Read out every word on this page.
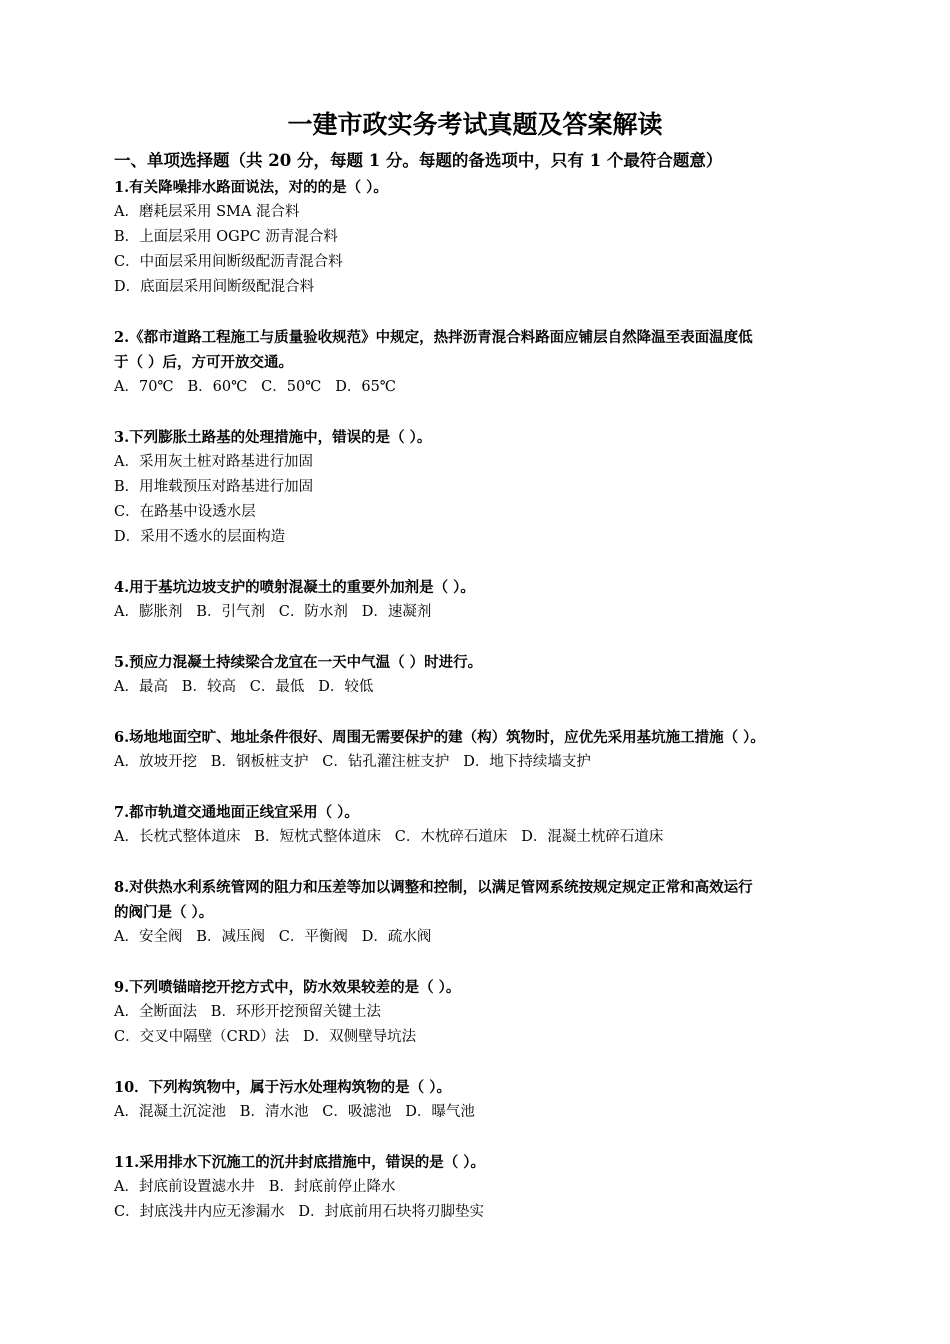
一建市政实务考试真题及答案解读

一、单项选择题（共 20 分，每题 1 分。每题的备选项中，只有 1 个最符合题意）

1.有关降噪排水路面说法，对的的是（ ）。

A．磨耗层采用 SMA 混合料

B．上面层采用 OGPC 沥青混合料

C．中面层采用间断级配沥青混合料

D．底面层采用间断级配混合料

2.《都市道路工程施工与质量验收规范》中规定，热拌沥青混合料路面应铺层自然降温至表面温度低

于（ ）后，方可开放交通。

A．70℃   B．60℃   C．50℃   D．65℃

3.下列膨胀土路基的处理措施中，错误的是（ ）。

A．采用灰土桩对路基进行加固

B．用堆载预压对路基进行加固

C．在路基中设透水层

D．采用不透水的层面构造

4.用于基坑边坡支护的喷射混凝土的重要外加剂是（ ）。

A．膨胀剂   B．引气剂   C．防水剂   D．速凝剂

5.预应力混凝土持续梁合龙宜在一天中气温（ ）时进行。

A．最高   B．较高   C．最低   D．较低

6.场地地面空旷、地址条件很好、周围无需要保护的建（构）筑物时，应优先采用基坑施工措施（ ）。

A．放坡开挖   B．钢板桩支护   C．钻孔灌注桩支护   D．地下持续墙支护

7.都市轨道交通地面正线宜采用（ ）。

A．长枕式整体道床   B．短枕式整体道床   C．木枕碎石道床   D．混凝土枕碎石道床

8.对供热水利系统管网的阻力和压差等加以调整和控制，以满足管网系统按规定规定正常和高效运行

的阀门是（ ）。

A．安全阀   B．减压阀   C．平衡阀   D．疏水阀

9.下列喷锚暗挖开挖方式中，防水效果较差的是（ ）。

A．全断面法   B．环形开挖预留关键土法

C．交叉中隔壁（CRD）法   D．双侧壁导坑法

10．下列构筑物中，属于污水处理构筑物的是（ ）。

A．混凝土沉淀池   B．清水池   C．吸滤池   D．曝气池

11.采用排水下沉施工的沉井封底措施中，错误的是（ ）。

A．封底前设置滤水井   B．封底前停止降水

C．封底浅井内应无渗漏水   D．封底前用石块将刃脚垫实
